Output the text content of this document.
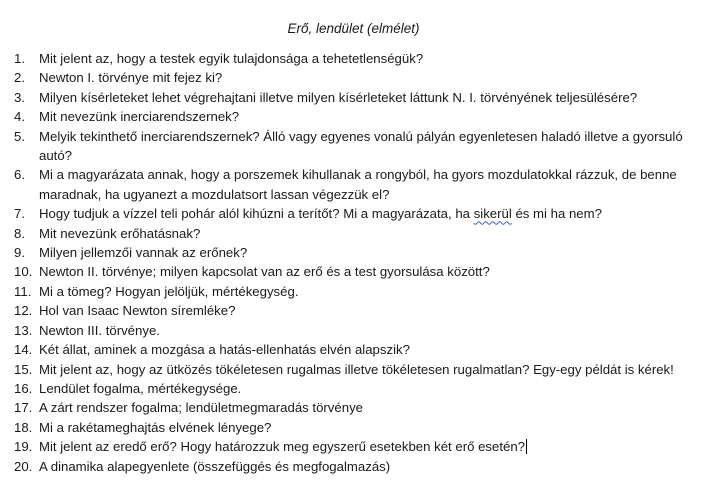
Erő, lendület (elmélet)
1.	Mit jelent az, hogy a testek egyik tulajdonsága a tehetetlenségük?
2.	Newton I. törvénye mit fejez ki?
3.	Milyen kísérleteket lehet végrehajtani illetve milyen kísérleteket láttunk N. I. törvényének teljesülésére?
4.	Mit nevezünk inerciarendszernek?
5.	Melyik tekinthető inerciarendszernek? Álló vagy egyenes vonalú pályán egyenletesen haladó illetve a gyorsuló autó?
6.	Mi a magyarázata annak, hogy a porszemek kihullanak a rongyból, ha gyors mozdulatokkal rázzuk, de benne maradnak, ha ugyanezt a mozdulatsort lassan végezzük el?
7.	Hogy tudjuk a vízzel teli pohár alól kihúzni a terítőt? Mi a magyarázata, ha sikerül és mi ha nem?
8.	Mit nevezünk erőhatásnak?
9.	Milyen jellemzői vannak az erőnek?
10. Newton II. törvénye; milyen kapcsolat van az erő és a test gyorsulása között?
11. Mi a tömeg? Hogyan jelöljük, mértékegység.
12. Hol van Isaac Newton síremléke?
13. Newton III. törvénye.
14. Két állat, aminek a mozgása a hatás-ellenhatás elvén alapszik?
15. Mit jelent az, hogy az ütközés tökéletesen rugalmas illetve tökéletesen rugalmatlan? Egy-egy példát is kérek!
16. Lendület fogalma, mértékegysége.
17. A zárt rendszer fogalma; lendületmegmaradás törvénye
18. Mi a rakétameghajtás elvének lényege?
19. Mit jelent az eredő erő? Hogy határozzuk meg egyszerű esetekben két erő esetén?
20. A dinamika alapegyenlete (összefüggés és megfogalmazás)
